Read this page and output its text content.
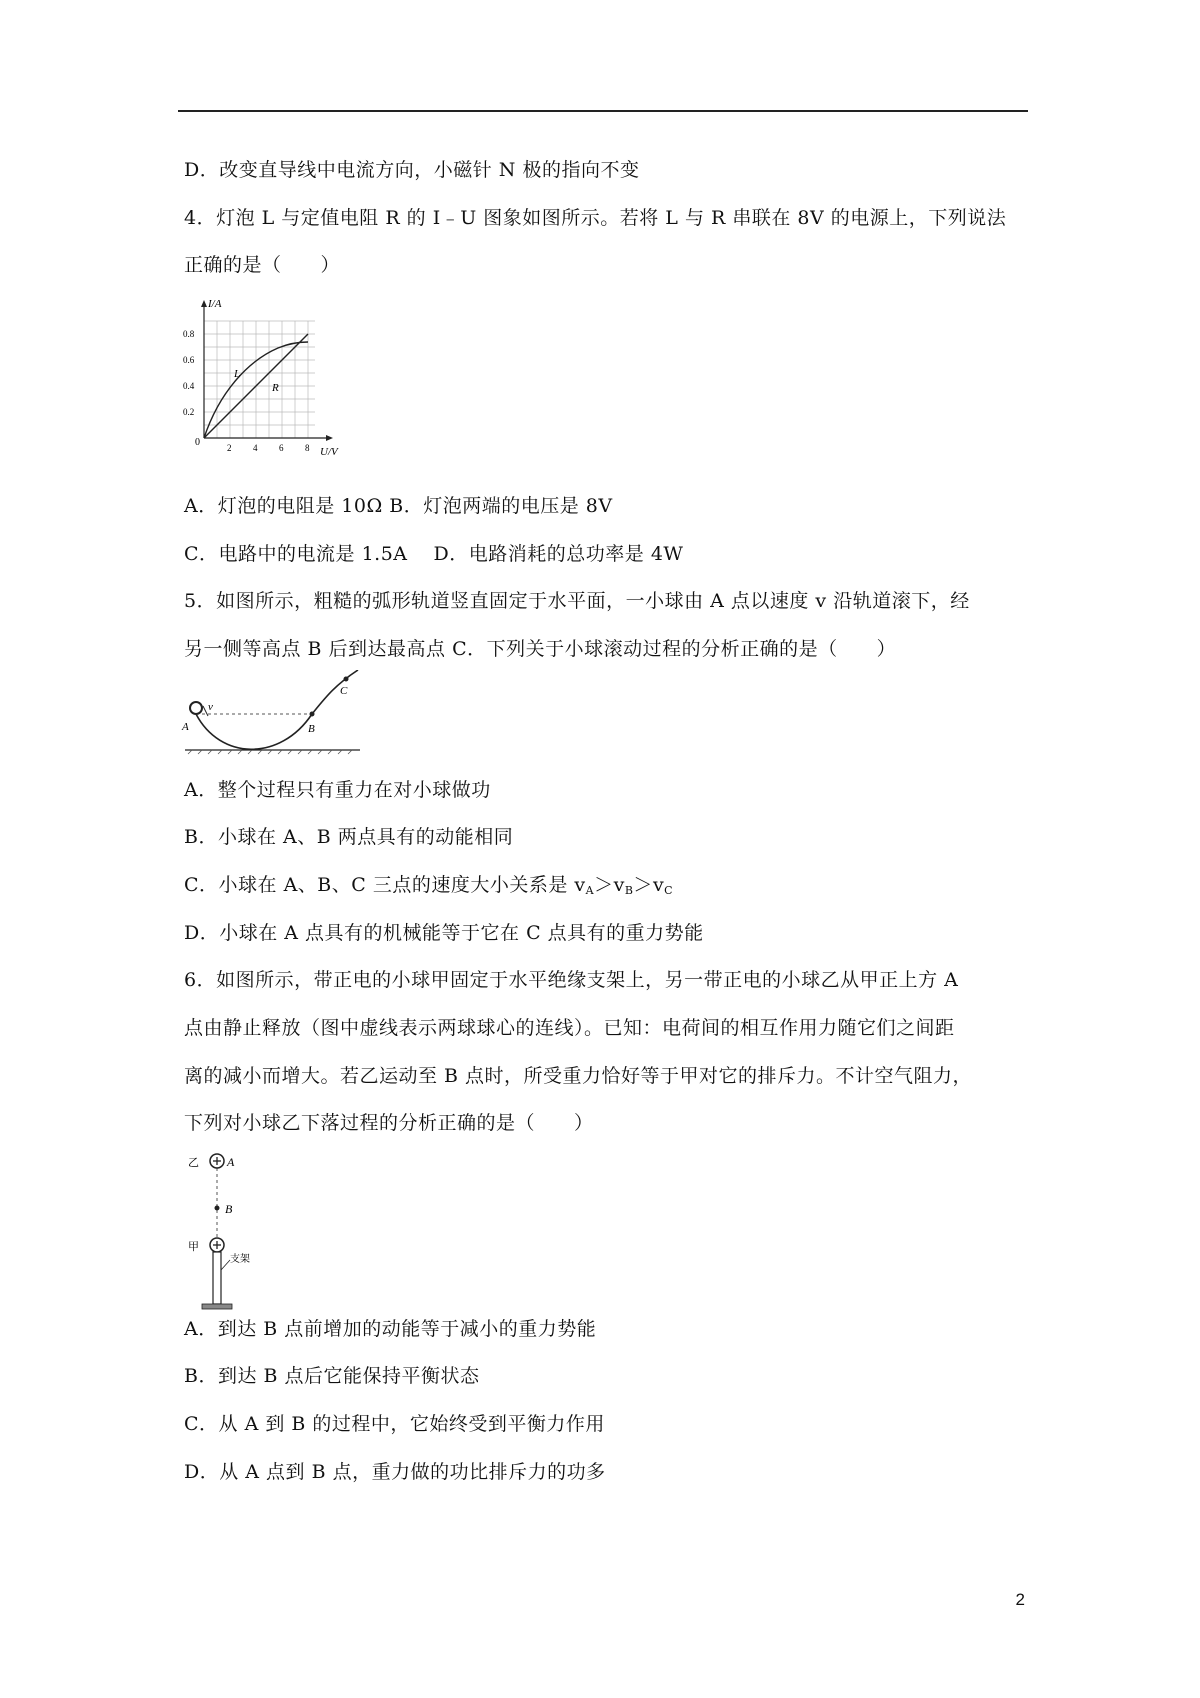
D．改变直导线中电流方向，小磁针 N 极的指向不变
4．灯泡 L 与定值电阻 R 的 I﹣U 图象如图所示。若将 L 与 R 串联在 8V 的电源上，下列说法
正确的是（　　）
I/A
U/V
0
0.2
0.4
0.6
0.8
2 4 6 8
L
R
A．灯泡的电阻是 10Ω B．灯泡两端的电压是 8V
C．电路中的电流是 1.5A　 D．电路消耗的总功率是 4W
5．如图所示，粗糙的弧形轨道竖直固定于水平面，一小球由 A 点以速度 v 沿轨道滚下，经
另一侧等高点 B 后到达最高点 C．下列关于小球滚动过程的分析正确的是（　　）
v
A	B
C
A．整个过程只有重力在对小球做功
B．小球在 A、B 两点具有的动能相同
C．小球在 A、B、C 三点的速度大小关系是 $v_A>v_B>v_C$
D．小球在 A 点具有的机械能等于它在 C 点具有的重力势能
6．如图所示，带正电的小球甲固定于水平绝缘支架上，另一带正电的小球乙从甲正上方 A
点由静止释放（图中虚线表示两球球心的连线）。已知：电荷间的相互作用力随它们之间距
离的减小而增大。若乙运动至 B 点时，所受重力恰好等于甲对它的排斥力。不计空气阻力，
下列对小球乙下落过程的分析正确的是（　　）
乙 A
B
甲
支架
A．到达 B 点前增加的动能等于减小的重力势能
B．到达 B 点后它能保持平衡状态
C．从 A 到 B 的过程中，它始终受到平衡力作用
D．从 A 点到 B 点，重力做的功比排斥力的功多
2
